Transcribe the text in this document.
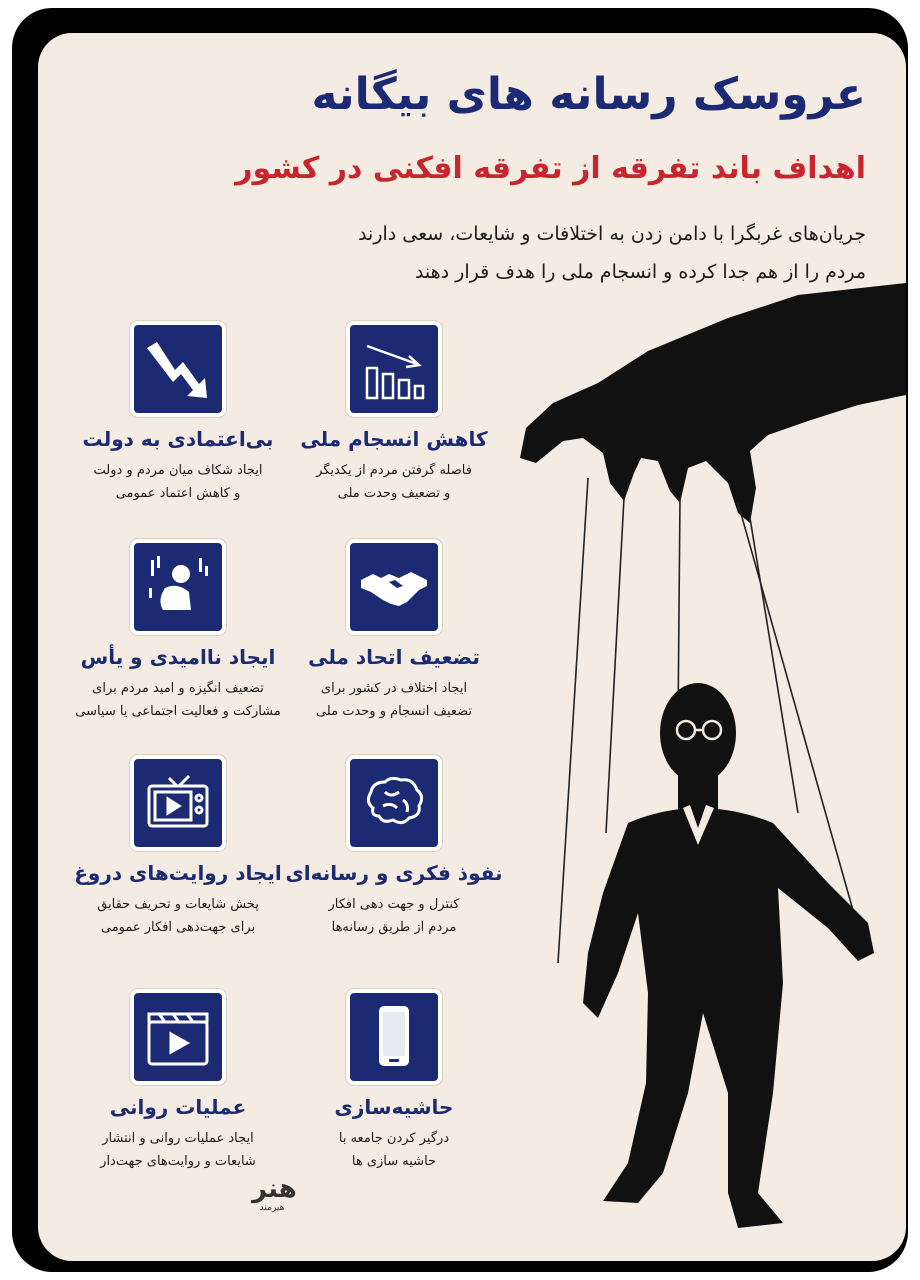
عروسک رسانه های بیگانه
اهداف باند تفرقه از تفرقه افکنی در کشور
جریان‌های غربگرا با دامن زدن به اختلافات و شایعات، سعی دارند
مردم را از هم جدا کرده و انسجام ملی را هدف قرار دهند
کاهش انسجام ملی
فاصله گرفتن مردم از یکدیگر
و تضعیف وحدت ملی
بی‌اعتمادی به دولت
ایجاد شکاف میان مردم و دولت
و کاهش اعتماد عمومی
تضعیف اتحاد ملی
ایجاد اختلاف در کشور برای
تضعیف انسجام و وحدت ملی
ایجاد ناامیدی و یأس
تضعیف انگیزه و امید مردم برای
مشارکت و فعالیت اجتماعی یا سیاسی
نفوذ فکری و رسانه‌ای
کنترل و جهت دهی افکار
مردم از طریق رسانه‌ها
ایجاد روایت‌های دروغ
پخش شایعات و تحریف حقایق
برای جهت‌دهی افکار عمومی
حاشیه‌سازی
درگیر کردن جامعه با
حاشیه سازی ها
عملیات روانی
ایجاد عملیات روانی و انتشار
شایعات و روایت‌های جهت‌دار
هنر
هیرمند
